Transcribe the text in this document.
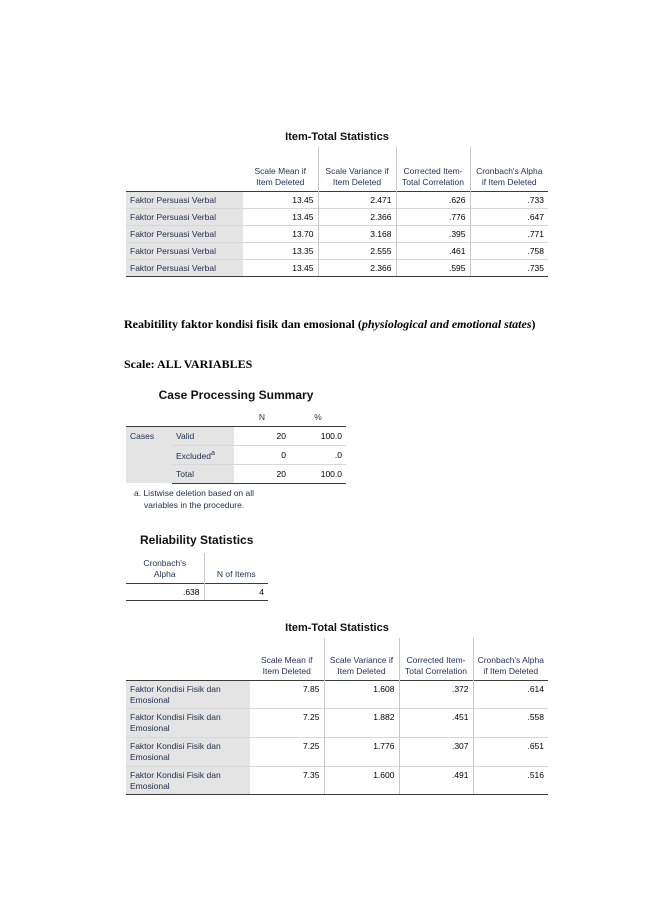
Item-Total Statistics
	Scale Mean if Item Deleted	Scale Variance if Item Deleted	Corrected Item-Total Correlation	Cronbach's Alpha if Item Deleted
Faktor Persuasi Verbal	13.45	2.471	.626	.733
Faktor Persuasi Verbal	13.45	2.366	.776	.647
Faktor Persuasi Verbal	13.70	3.168	.395	.771
Faktor Persuasi Verbal	13.35	2.555	.461	.758
Faktor Persuasi Verbal	13.45	2.366	.595	.735
Reabitility faktor kondisi fisik dan emosional (physiological and emotional states)
Scale: ALL VARIABLES
Case Processing Summary
		N	%
Cases	Valid	20	100.0
	Excluded$^a$	0	.0
	Total	20	100.0
a. Listwise deletion based on all
variables in the procedure.
Reliability Statistics
Cronbach's Alpha	N of Items
.638	4
Item-Total Statistics
	Scale Mean if Item Deleted	Scale Variance if Item Deleted	Corrected Item-Total Correlation	Cronbach's Alpha if Item Deleted
Faktor Kondisi Fisik dan Emosional	7.85	1.608	.372	.614
Faktor Kondisi Fisik dan Emosional	7.25	1.882	.451	.558
Faktor Kondisi Fisik dan Emosional	7.25	1.776	.307	.651
Faktor Kondisi Fisik dan Emosional	7.35	1.600	.491	.516
